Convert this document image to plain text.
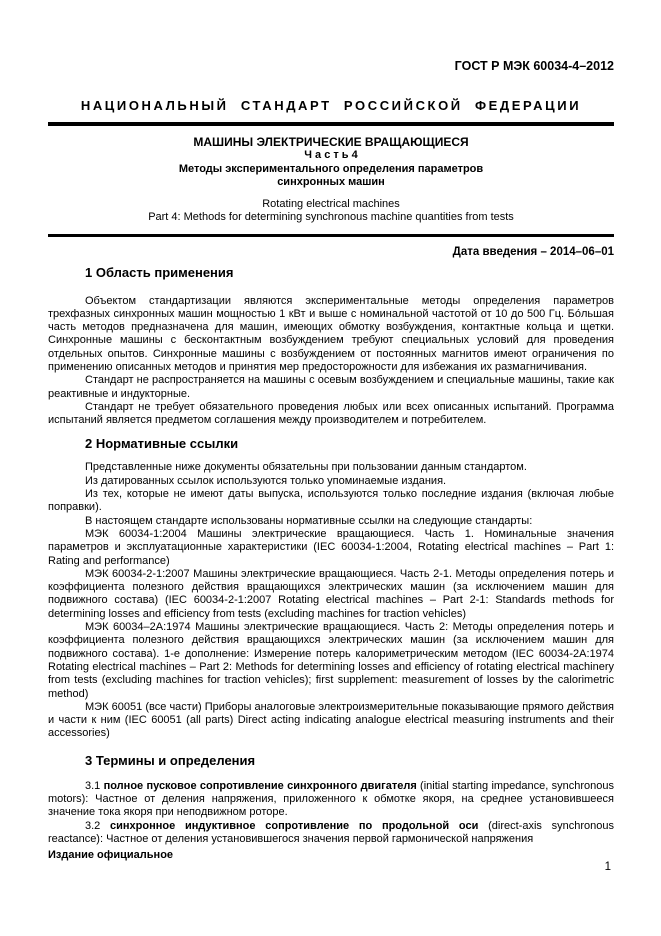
ГОСТ Р МЭК 60034-4–2012
НАЦИОНАЛЬНЫЙ СТАНДАРТ РОССИЙСКОЙ ФЕДЕРАЦИИ
МАШИНЫ ЭЛЕКТРИЧЕСКИЕ ВРАЩАЮЩИЕСЯ
Ч а с т ь 4
Методы экспериментального определения параметров
синхронных машин
Rotating electrical machines
Part 4: Methods for determining synchronous machine quantities from tests
Дата введения – 2014–06–01
1 Область применения

Объектом стандартизации являются экспериментальные методы определения параметров трехфазных синхронных машин мощностью 1 кВт и выше с номинальной частотой от 10 до 500 Гц. Бо́льшая часть методов предназначена для машин, имеющих обмотку возбуждения, контактные кольца и щетки. Синхронные машины с бесконтактным возбуждением требуют специальных условий для проведения отдельных опытов. Синхронные машины с возбуждением от постоянных магнитов имеют ограничения по применению описанных методов и принятия мер предосторожности для избежания их размагничивания.

Стандарт не распространяется на машины с осевым возбуждением и специальные машины, такие как реактивные и индукторные.

Стандарт не требует обязательного проведения любых или всех описанных испытаний. Программа испытаний является предметом соглашения между производителем и потребителем.

2 Нормативные ссылки

Представленные ниже документы обязательны при пользовании данным стандартом.

Из датированных ссылок используются только упоминаемые издания.

Из тех, которые не имеют даты выпуска, используются только последние издания (включая любые поправки).

В настоящем стандарте использованы нормативные ссылки на следующие стандарты:

МЭК 60034-1:2004 Машины электрические вращающиеся. Часть 1. Номинальные значения параметров и эксплуатационные характеристики (IEC 60034-1:2004, Rotating electrical machines – Part 1: Rating and performance)

МЭК 60034-2-1:2007 Машины электрические вращающиеся. Часть 2-1. Методы определения потерь и коэффициента полезного действия вращающихся электрических машин (за исключением машин для подвижного состава) (IEC 60034-2-1:2007 Rotating electrical machines – Part 2-1: Standards methods for determining losses and efficiency from tests (excluding machines for traction vehicles)

МЭК 60034–2А:1974 Машины электрические вращающиеся. Часть 2: Методы определения потерь и коэффициента полезного действия вращающихся электрических машин (за исключением машин для подвижного состава). 1-е дополнение: Измерение потерь калориметрическим методом (IEC 60034-2A:1974 Rotating electrical machines – Part 2: Methods for determining losses and efficiency of rotating electrical machinery from tests (excluding machines for traction vehicles); first supplement: measurement of losses by the calorimetric method)

МЭК 60051 (все части) Приборы аналоговые электроизмерительные показывающие прямого действия и части к ним (IEC 60051 (all parts) Direct acting indicating analogue electrical measuring instruments and their accessories)

3 Термины и определения

3.1 полное пусковое сопротивление синхронного двигателя (initial starting impedance, synchronous motors): Частное от деления напряжения, приложенного к обмотке якоря, на среднее установившееся значение тока якоря при неподвижном роторе.

3.2 синхронное индуктивное сопротивление по продольной оси (direct-axis synchronous reactance): Частное от деления установившегося значения первой гармонической напряжения

Издание официальное
1
